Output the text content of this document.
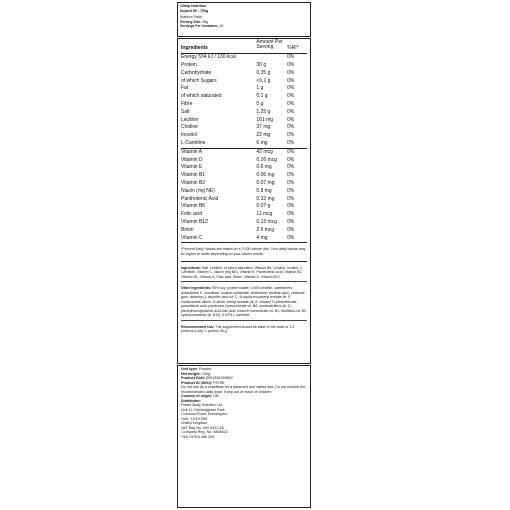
Olimp Nutrition
Sojavit 85 - 700g
Nutrition Facts
Serving Size: 35g
Servings Per Container: 20
Ingredients
Amount Per Serving	%RI*
Energy 534 kJ / 130 kcal	0%
Protein	30 g	0%
Carbohydrate	0.35 g	0%
of which Sugars	<0,1 g	0%
Fat	1 g	0%
of which saturated	0.1 g	0%
Fibre	0 g	0%
Salt	1.25 g	0%
Lecithin	161 mg	0%
Choline	37 mg	0%
Inositol	22 mg	0%
L-Carnitine	6 mg	0%
Vitamin A	42 mcg	0%
Vitamin D	0.26 mcg	0%
Vitamin E	0.6 mg	0%
Vitamin B1	0.06 mg	0%
Vitamin B2	0.07 mg	0%
Niacin (mg NE)	0.8 mg	0%
Panthotenic Acid	0.32 mg	0%
Vitamin B6	0.07 g	0%
Folic acid	11 mcg	0%
Vitamin B12	0.13 mcg	0%
Biotin	2.6 mcg	0%
Vitamin C	4 mg	0%
*Percent Daily Values are based on a 2,000 calorie diet. Your daily values may be higher or lower depending on your calorie needs.
Ingredients: Salt, Lecithin, of which saturated, Vitamin B6, Choline, Inositol, L-Carnitine, Vitamin C, Niacin (mg NE), Vitamin E, Panthotenic Acid, Vitamin B2, Vitamin B1, Vitamin A, Folic acid, Biotin, Vitamin D, Vitamin B12
Other ingredients: 90% soy protein isolate, 0.46% lecithin, sweeteners acesulfame K, sucralose, sodium cyclamate, thickeners: xanthan gum, cellulose gum; vitamins (L-ascorbic acid-vit. C, dl-alpha-tocopheryl acetate-vit. E, nicotinamide-niacin, D-biotin, retinyl acetate-vit. A, calcium D-pantothenate-pantothenic acid, pyridoxine hydrochloride-vit. B6, cholecalciferol-vit. D, pteroylmonoglutamic acid-folic acid, thiamin mononitrate-vit. B1, riboflavin-vit. B2, cyanocobalamin-vit. B12), 0.02% L-carnitine.
Recommended Use: The supplement should be taken in the dose of 1-3 portions a day: 1 portion-35 g.
Unit type: Powder
Net weight: 700g
Product EAN: 5901330039662
Product ID (SKU): P3796
Do not use as a substitute for a balanced and varied diet. Do not exceed the recommended daily dose. Keep out of reach of children.
Country of origin: GB
Distributor:
Power Body Nutrition Ltd.
Unit 11 Chessingham Park
Common Road, Dunnington,
York, YO19 5SE
United Kingdom
VAT Reg No. 940 5412 46
Company Reg. No. 4868622
+44) 01904 486 230
